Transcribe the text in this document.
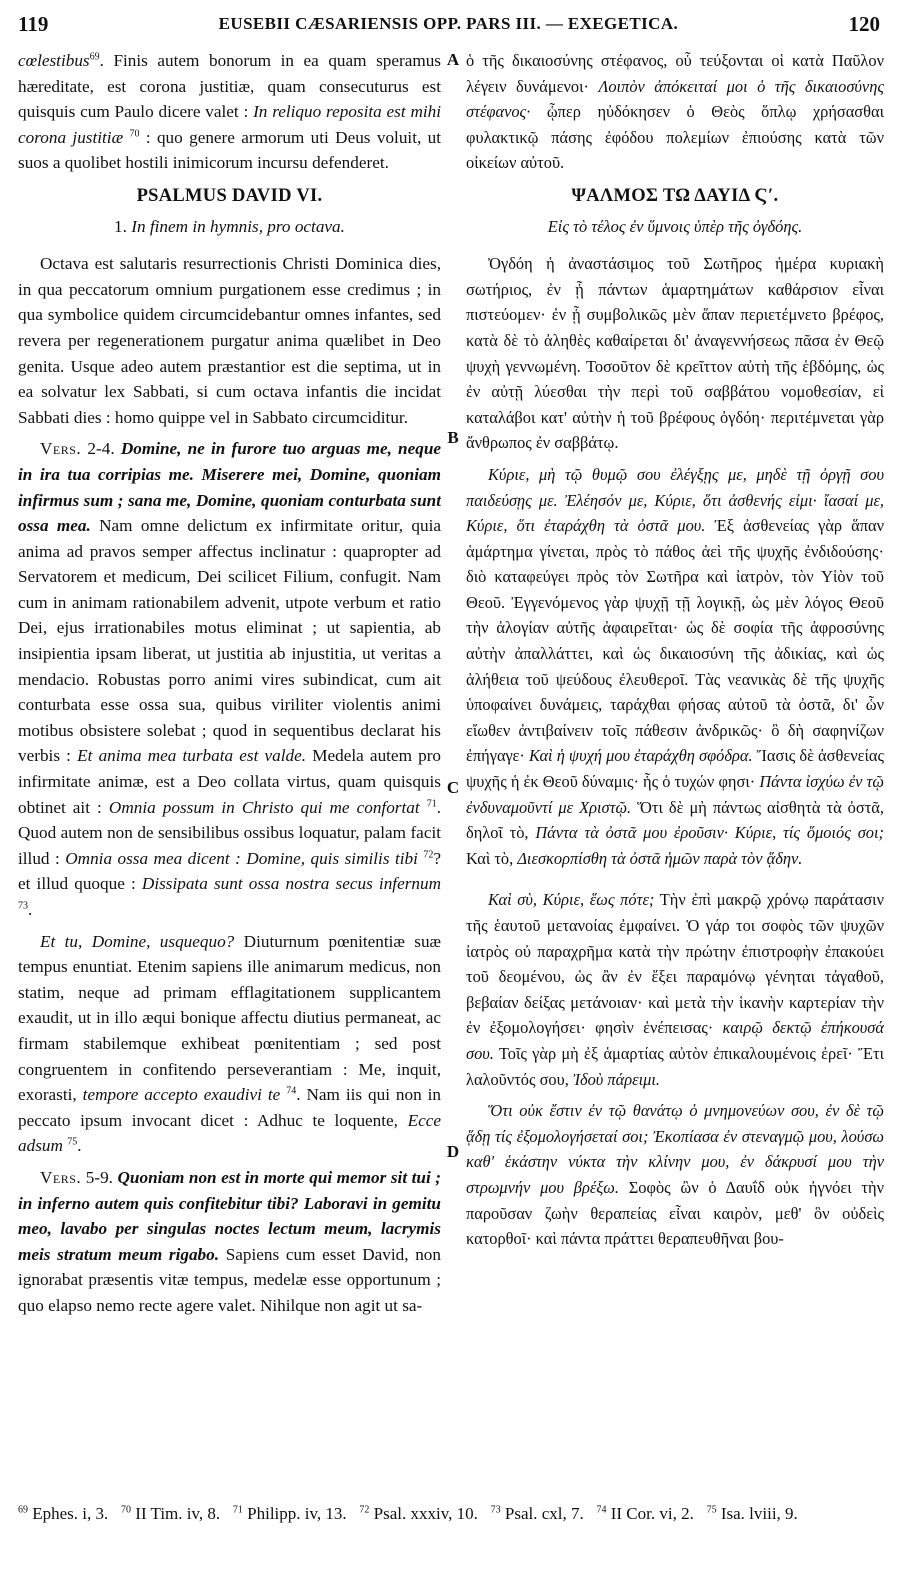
119	EUSEBII CÆSARIENSIS OPP. PARS III. — EXEGETICA.	120

cœlestibus$^{69}$. Finis autem bonorum in ea quam speramus hæreditate, est corona justitiæ, quam consecuturus est quisquis cum Paulo dicere valet : In reliquo reposita est mihi corona justitiæ $^{70}$ : quo genere armorum uti Deus voluit, ut suos a quolibet hostili inimicorum incursu defenderet.

PSALMUS DAVID VI.
1. In finem in hymnis, pro octava.

Octava est salutaris resurrectionis Christi Dominica dies, in qua peccatorum omnium purgationem esse credimus ; in qua symbolice quidem circumcidebantur omnes infantes, sed revera per regenerationem purgatur anima quælibet in Deo genita. Usque adeo autem præstantior est die septima, ut in ea solvatur lex Sabbati, si cum octava infantis die incidat Sabbati dies : homo quippe vel in Sabbato circumciditur.

Vers. 2-4. Domine, ne in furore tuo arguas me, neque in ira tua corripias me. Miserere mei, Domine, quoniam infirmus sum ; sana me, Domine, quoniam conturbata sunt ossa mea. Nam omne delictum ex infirmitate oritur, quia anima ad pravos semper affectus inclinatur : quapropter ad Servatorem et medicum, Dei scilicet Filium, confugit. Nam cum in animam rationabilem advenit, utpote verbum et ratio Dei, ejus irrationabiles motus eliminat ; ut sapientia, ab insipientia ipsam liberat, ut justitia ab injustitia, ut veritas a mendacio. Robustas porro animi vires subindicat, cum ait conturbata esse ossa sua, quibus viriliter violentis animi motibus obsistere solebat ; quod in sequentibus declarat his verbis : Et anima mea turbata est valde. Medela autem pro infirmitate animæ, est a Deo collata virtus, quam quisquis obtinet ait : Omnia possum in Christo qui me confortat $^{71}$. Quod autem non de sensibilibus ossibus loquatur, palam facit illud : Omnia ossa mea dicent : Domine, quis similis tibi $^{72}$? et illud quoque : Dissipata sunt ossa nostra secus infernum $^{73}$.

Et tu, Domine, usquequo? Diuturnum pœnitentiæ suæ tempus enuntiat. Etenim sapiens ille animarum medicus, non statim, neque ad primam efflagitationem supplicantem exaudit, ut in illo æqui bonique affectu diutius permaneat, ac firmam stabilemque exhibeat pœnitentiam ; sed post congruentem in confitendo perseverantiam : Me, inquit, exorasti, tempore accepto exaudivi te $^{74}$. Nam iis qui non in peccato ipsum invocant dicet : Adhuc te loquente, Ecce adsum $^{75}$.

Vers. 5-9. Quoniam non est in morte qui memor sit tui ; in inferno autem quis confitebitur tibi? Laboravi in gemitu meo, lavabo per singulas noctes lectum meum, lacrymis meis stratum meum rigabo. Sapiens cum esset David, non ignorabat præsentis vitæ tempus, medelæ esse opportunum ; quo elapso nemo recte agere valet. Nihilque non agit ut sa-

A
B
C
D

ὁ τῆς δικαιοσύνης στέφανος, οὗ τεύξονται οἱ κατὰ Παῦλον λέγειν δυνάμενοι· Λοιπὸν ἀπόκειταί μοι ὁ τῆς δικαιοσύνης στέφανος· ᾧπερ ηὐδόκησεν ὁ Θεὸς ὅπλῳ χρήσασθαι φυλακτικῷ πάσης ἐφόδου πολεμίων ἐπιούσης κατὰ τῶν οἰκείων αὐτοῦ.

ΨΑΛΜΟΣ ΤΩ ΔΑΥΙΔ Ϛʹ.
Εἰς τὸ τέλος ἐν ὕμνοις ὑπὲρ τῆς ὀγδόης.

Ὀγδόη ἡ ἀναστάσιμος τοῦ Σωτῆρος ἡμέρα κυριακὴ σωτήριος, ἐν ᾗ πάντων ἁμαρτημάτων καθάρσιον εἶναι πιστεύομεν· ἐν ᾗ συμβολικῶς μὲν ἅπαν περιετέμνετο βρέφος, κατὰ δὲ τὸ ἀληθὲς καθαίρεται δι' ἀναγεννήσεως πᾶσα ἐν Θεῷ ψυχὴ γεννωμένη. Τοσοῦτον δὲ κρεῖττον αὐτὴ τῆς ἑβδόμης, ὡς ἐν αὐτῇ λύεσθαι τὴν περὶ τοῦ σαββάτου νομοθεσίαν, εἰ καταλάβοι κατ' αὐτὴν ἡ τοῦ βρέφους ὀγδόη· περιτέμνεται γὰρ ἄνθρωπος ἐν σαββάτῳ.

Κύριε, μὴ τῷ θυμῷ σου ἐλέγξῃς με, μηδὲ τῇ ὀργῇ σου παιδεύσῃς με. Ἐλέησόν με, Κύριε, ὅτι ἀσθενής εἰμι· ἴασαί με, Κύριε, ὅτι ἐταράχθη τὰ ὀστᾶ μου. Ἐξ ἀσθενείας γὰρ ἅπαν ἁμάρτημα γίνεται, πρὸς τὸ πάθος ἀεὶ τῆς ψυχῆς ἐνδιδούσης· διὸ καταφεύγει πρὸς τὸν Σωτῆρα καὶ ἰατρὸν, τὸν Υἱὸν τοῦ Θεοῦ. Ἐγγενόμενος γὰρ ψυχῇ τῇ λογικῇ, ὡς μὲν λόγος Θεοῦ τὴν ἀλογίαν αὐτῆς ἀφαιρεῖται· ὡς δὲ σοφία τῆς ἀφροσύνης αὐτὴν ἀπαλλάττει, καὶ ὡς δικαιοσύνη τῆς ἀδικίας, καὶ ὡς ἀλήθεια τοῦ ψεύδους ἐλευθεροῖ. Τὰς νεανικὰς δὲ τῆς ψυχῆς ὑποφαίνει δυνάμεις, ταράχθαι φήσας αὐτοῦ τὰ ὀστᾶ, δι' ὧν εἴωθεν ἀντιβαίνειν τοῖς πάθεσιν ἀνδρικῶς· ὃ δὴ σαφηνίζων ἐπήγαγε· Καὶ ἡ ψυχή μου ἐταράχθη σφόδρα. Ἴασις δὲ ἀσθενείας ψυχῆς ἡ ἐκ Θεοῦ δύναμις· ἧς ὁ τυχών φησι· Πάντα ἰσχύω ἐν τῷ ἐνδυναμοῦντί με Χριστῷ. Ὅτι δὲ μὴ πάντως αἰσθητὰ τὰ ὀστᾶ, δηλοῖ τὸ, Πάντα τὰ ὀστᾶ μου ἐροῦσιν· Κύριε, τίς ὅμοιός σοι; Καὶ τὸ, Διεσκορπίσθη τὰ ὀστᾶ ἡμῶν παρὰ τὸν ᾅδην.

Καὶ σὺ, Κύριε, ἕως πότε; Τὴν ἐπὶ μακρῷ χρόνῳ παράτασιν τῆς ἑαυτοῦ μετανοίας ἐμφαίνει. Ὁ γάρ τοι σοφὸς τῶν ψυχῶν ἰατρὸς οὐ παραχρῆμα κατὰ τὴν πρώτην ἐπιστροφὴν ἐπακούει τοῦ δεομένου, ὡς ἂν ἐν ἕξει παραμόνῳ γένηται τἀγαθοῦ, βεβαίαν δείξας μετάνοιαν· καὶ μετὰ τὴν ἱκανὴν καρτερίαν τὴν ἐν ἐξομολογήσει· φησὶν ἐνέπεισας· καιρῷ δεκτῷ ἐπήκουσά σου. Τοῖς γὰρ μὴ ἐξ ἁμαρτίας αὐτὸν ἐπικαλουμένοις ἐρεῖ· Ἔτι λαλοῦντός σου, Ἰδοὺ πάρειμι.

Ὅτι οὐκ ἔστιν ἐν τῷ θανάτῳ ὁ μνημονεύων σου, ἐν δὲ τῷ ᾅδῃ τίς ἐξομολογήσεταί σοι; Ἐκοπίασα ἐν στεναγμῷ μου, λούσω καθ' ἑκάστην νύκτα τὴν κλίνην μου, ἐν δάκρυσί μου τὴν στρωμνήν μου βρέξω. Σοφὸς ὢν ὁ Δαυΐδ οὐκ ἠγνόει τὴν παροῦσαν ζωὴν θεραπείας εἶναι καιρὸν, μεθ' ὃν οὐδεὶς κατορθοῖ· καὶ πάντα πράττει θεραπευθῆναι βου-

$^{69}$ Ephes. i, 3. $^{70}$ II Tim. iv, 8. $^{71}$ Philipp. iv, 13. $^{72}$ Psal. xxxiv, 10. $^{73}$ Psal. cxl, 7. $^{74}$ II Cor. vi, 2. $^{75}$ Isa. lviii, 9.
